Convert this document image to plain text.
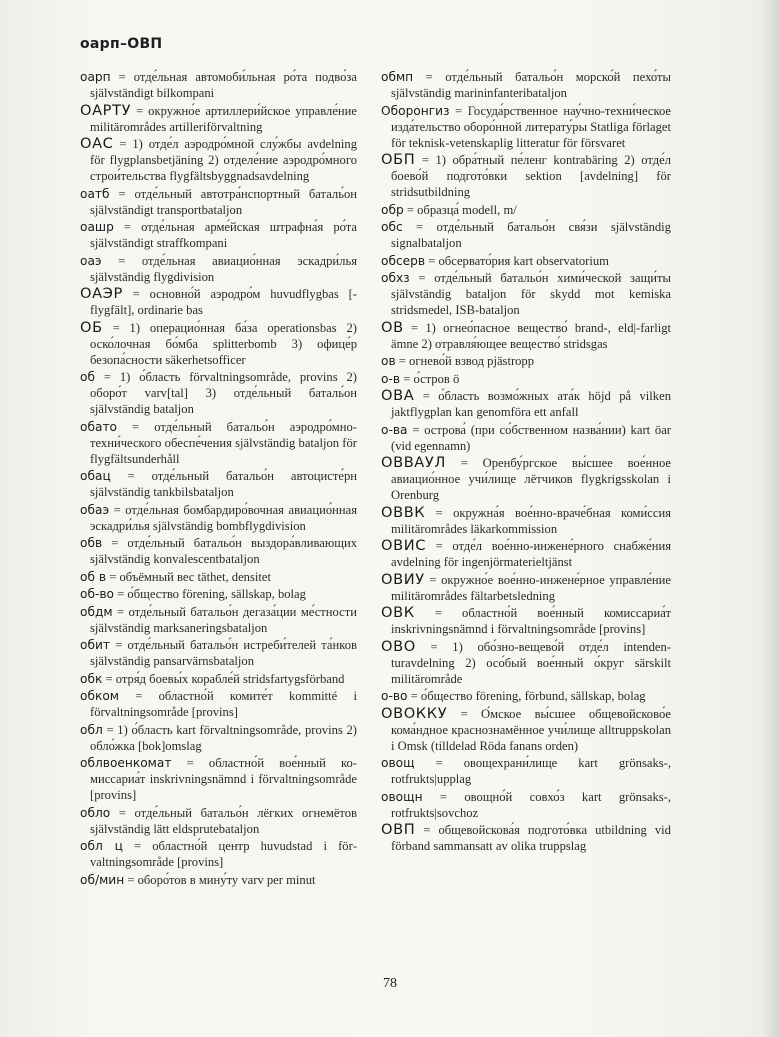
оарп–ОВП

оарп = отде́льная автомоби́льная ро́та подво́за självständigt bilkompani

ОАРТУ = окружно́е артиллери́йское управле́ние militärområdes artilleriförvaltning

ОАС = 1) отде́л аэродро́мной слу́жбы avdelning för flygplansbetjäning 2) отделе́ние аэродро́много строи́тельства flygfältsbyggnadsavdelning

оатб = отде́льный автотра́нспортный баталь́он självständigt transportbataljon

оашр = отде́льная арме́йская штрафна́я ро́та självständigt straffkompani

оаэ = отде́льная авиацио́нная эскадри́лья självständig flygdivision

ОАЭР = основно́й аэродро́м huvudflygbas [-flygfält], ordinarie bas

ОБ = 1) операцио́нная ба́за operationsbas 2) оско́лочная бо́мба splitterbomb 3) офице́р безопа́сности säkerhetsofficer

об = 1) о́бласть förvaltningsområde, provins 2) оборо́т varv[tal] 3) отде́льный баталь́он självständig bataljon

обато = отде́льный батальо́н аэродро́мно-техни́ческого обеспе́чения självständig bataljon för flygfältsunderhåll

обац = отде́льный батальо́н автоцисте́рн självständig tankbilsbataljon

обаэ = отде́льная бомбардиро́вочная авиацио́нная эскадри́лья självständig bombflygdivision

обв = отде́льный батальо́н выздора́вливающих självständig konvalescentbataljon

об в = объёмный вес täthet, densitet

об-во = о́бщество förening, sällskap, bolag

обдм = отде́льный батальо́н дегаза́ции ме́стности självständig marksaneringsbataljon

обит = отде́льный батальо́н истреби́телей та́нков självständig pansarvärnsbataljon

обк = отря́д боевы́х корабле́й stridsfartygsförband

обком = областно́й комите́т kommitté i förvaltningsområde [provins]

обл = 1) о́бласть kart förvaltningsområde, provins 2) обло́жка [bok]omslag

облвоенкомат = областно́й вое́нный комиссариа́т inskrivningsnämnd i förvaltningsområde [provins]

обло = отде́льный батальо́н лёгких огнемётов självständig lätt eldsprutebataljon

обл ц = областно́й центр huvudstad i förvaltningsområde [provins]

об/мин = оборо́тов в мину́ту varv per minut

обмп = отде́льный батальо́н морско́й пехо́ты självständig marininfanteribataljon

Оборонгиз = Госуда́рственное нау́чно-техни́ческое изда́тельство оборо́нной литерату́ры Statliga förlaget för teknisk-vetenskaplig litteratur för försvaret

ОБП = 1) обра́тный пе́ленг kontrabäring 2) отде́л боево́й подгото́вки sektion [avdelning] för stridsutbildning

обр = образца́ modell, m/

обс = отде́льный батальо́н свя́зи självständig signalbataljon

обсерв = обсервато́рия kart observatorium

обхз = отде́льный батальо́н хими́ческой защи́ты självständig bataljon för skydd mot kemiska stridsmedel, ISB-bataljon

ОВ = 1) огнео́пасное вещество́ brand-, eld|-farligt ämne 2) отравля́ющее вещество́ stridsgas

ов = огнево́й взвод pjästropp

о-в = о́стров ö

ОВА = о́бласть возмо́жных ата́к höjd på vilken jaktflygplan kan genomföra ett anfall

о-ва = острова́ (при со́бственном назва́нии) kart öar (vid egennamn)

ОВВАУЛ = Оренбу́ргское вы́сшее вое́нное авиацио́нное учи́лище лётчиков flygkrigsskolan i Orenburg

ОВВК = окружна́я вое́нно-враче́бная коми́ссия militärområdes läkarkommission

ОВИС = отде́л вое́нно-инжене́рного снабже́ния avdelning för ingenjörmaterieltjänst

ОВИУ = окружно́е вое́нно-инжене́рное управле́ние militärområdes fältarbetsledning

ОВК = областно́й вое́нный комиссариа́т inskrivningsnämnd i förvaltningsområde [provins]

ОВО = 1) обо́зно-вещево́й отде́л intendenturavdelning 2) осо́бый вое́нный о́круг särskilt militärområde

о-во = о́бщество förening, förbund, sällskap, bolag

ОВОККУ = О́мское вы́сшее общевойсково́е кома́ндное краснознамённое учи́лище alltruppskolan i Omsk (tilldelad Röda fanans orden)

овощ = овощехрани́лище kart grönsaks-, rotfrukts|upplag

овощн = овощно́й совхо́з kart grönsaks-, rotfrukts|sovchoz

ОВП = общевойскова́я подгото́вка utbildning vid förband sammansatt av olika truppslag

78
